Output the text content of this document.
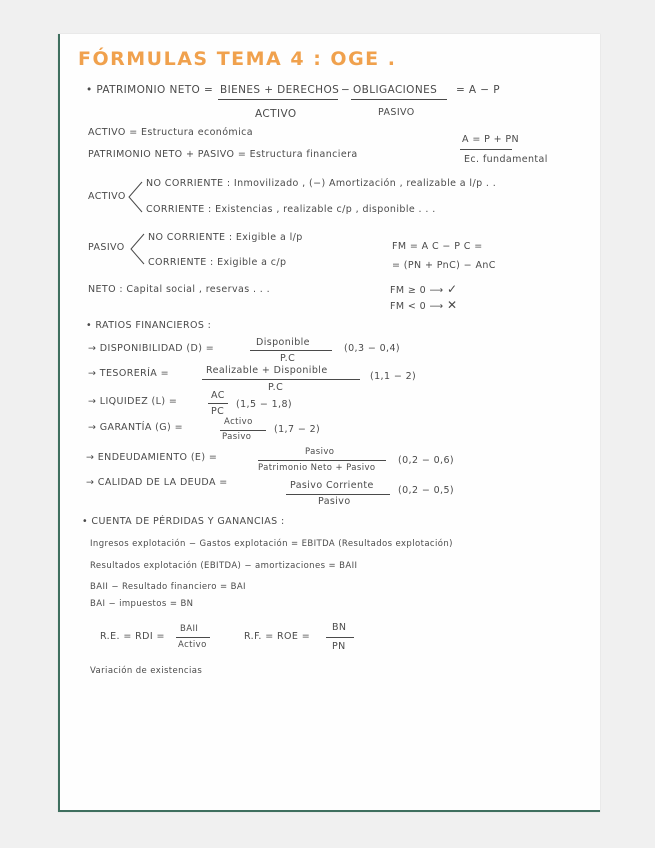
FÓRMULAS TEMA 4 : OGE .
• PATRIMONIO NETO = BIENES + DERECHOS − OBLIGACIONES = A − P
ACTIVO	PASIVO
ACTIVO = Estructura económica
PATRIMONIO NETO + PASIVO = Estructura financiera
A = P + PN
Ec. fundamental
ACTIVO
NO CORRIENTE : Inmovilizado , (−) Amortización , realizable a l/p . .
CORRIENTE : Existencias , realizable c/p , disponible . . .
PASIVO
NO CORRIENTE : Exigible a l/p
CORRIENTE : Exigible a c/p
FM = A C − P C =
= (PN + PnC) − AnC
FM ≥ 0 ⟶ ✓
FM < 0 ⟶ ✕
NETO : Capital social , reservas . . .
• RATIOS FINANCIEROS :
→ DISPONIBILIDAD (D) =
Disponible
P.C
(0,3 − 0,4)
→ TESORERÍA =	Realizable + Disponible
P.C
(1,1 − 2)
→ LIQUIDEZ (L) =
AC
PC
(1,5 − 1,8)
→ GARANTÍA (G) =	Activo
Pasivo
(1,7 − 2)
→ ENDEUDAMIENTO (E) =	Pasivo
Patrimonio Neto + Pasivo
(0,2 − 0,6)
→ CALIDAD DE LA DEUDA =	Pasivo Corriente
Pasivo
(0,2 − 0,5)
• CUENTA DE PÉRDIDAS Y GANANCIAS :
Ingresos explotación − Gastos explotación = EBITDA (Resultados explotación)
Resultados explotación (EBITDA) − amortizaciones = BAII
BAII − Resultado financiero = BAI
BAI − impuestos = BN
R.E. = RDI =
BAII
Activo
R.F. = ROE =
BN
PN
Variación de existencias
